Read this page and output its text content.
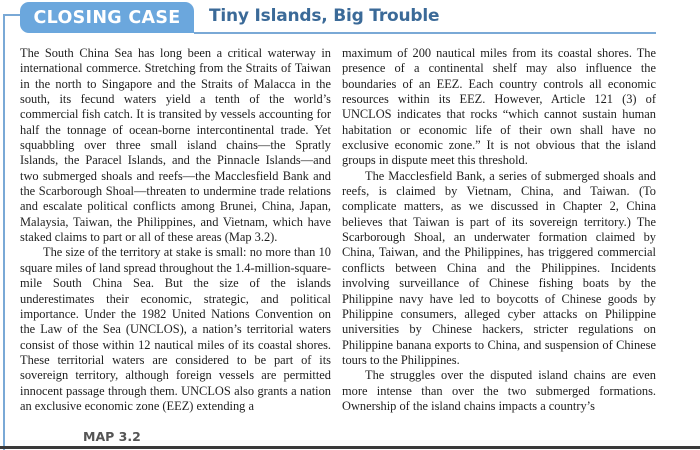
CLOSING CASE Tiny Islands, Big Trouble

The South China Sea has long been a critical waterway in international commerce. Stretching from the Straits of Taiwan in the north to Singapore and the Straits of Malacca in the south, its fecund waters yield a tenth of the world’s commercial fish catch. It is transited by vessels accounting for half the tonnage of ocean-borne intercontinental trade. Yet squabbling over three small island chains—the Spratly Islands, the Paracel Islands, and the Pinnacle Islands—and two submerged shoals and reefs—the Macclesfield Bank and the Scarborough Shoal—threaten to undermine trade relations and escalate political conflicts among Brunei, China, Japan, Malaysia, Taiwan, the Philippines, and Vietnam, which have staked claims to part or all of these areas (Map 3.2).

The size of the territory at stake is small: no more than 10 square miles of land spread throughout the 1.4-million-square-mile South China Sea. But the size of the islands underestimates their economic, strategic, and political importance. Under the 1982 United Nations Convention on the Law of the Sea (UNCLOS), a nation’s territorial waters consist of those within 12 nautical miles of its coastal shores. These territorial waters are considered to be part of its sovereign territory, although foreign vessels are permitted innocent passage through them. UNCLOS also grants a nation an exclusive economic zone (EEZ) extending a

maximum of 200 nautical miles from its coastal shores. The presence of a continental shelf may also influence the boundaries of an EEZ. Each country controls all economic resources within its EEZ. However, Article 121 (3) of UNCLOS indicates that rocks “which cannot sustain human habitation or economic life of their own shall have no exclusive economic zone.” It is not obvious that the island groups in dispute meet this threshold.

The Macclesfield Bank, a series of submerged shoals and reefs, is claimed by Vietnam, China, and Taiwan. (To complicate matters, as we discussed in Chapter 2, China believes that Taiwan is part of its sovereign territory.) The Scarborough Shoal, an underwater formation claimed by China, Taiwan, and the Philippines, has triggered commercial conflicts between China and the Philippines. Incidents involving surveillance of Chinese fishing boats by the Philippine navy have led to boycotts of Chinese goods by Philippine consumers, alleged cyber attacks on Philippine universities by Chinese hackers, stricter regulations on Philippine banana exports to China, and suspension of Chinese tours to the Philippines.

The struggles over the disputed island chains are even more intense than over the two submerged formations. Ownership of the island chains impacts a country’s

MAP 3.2
